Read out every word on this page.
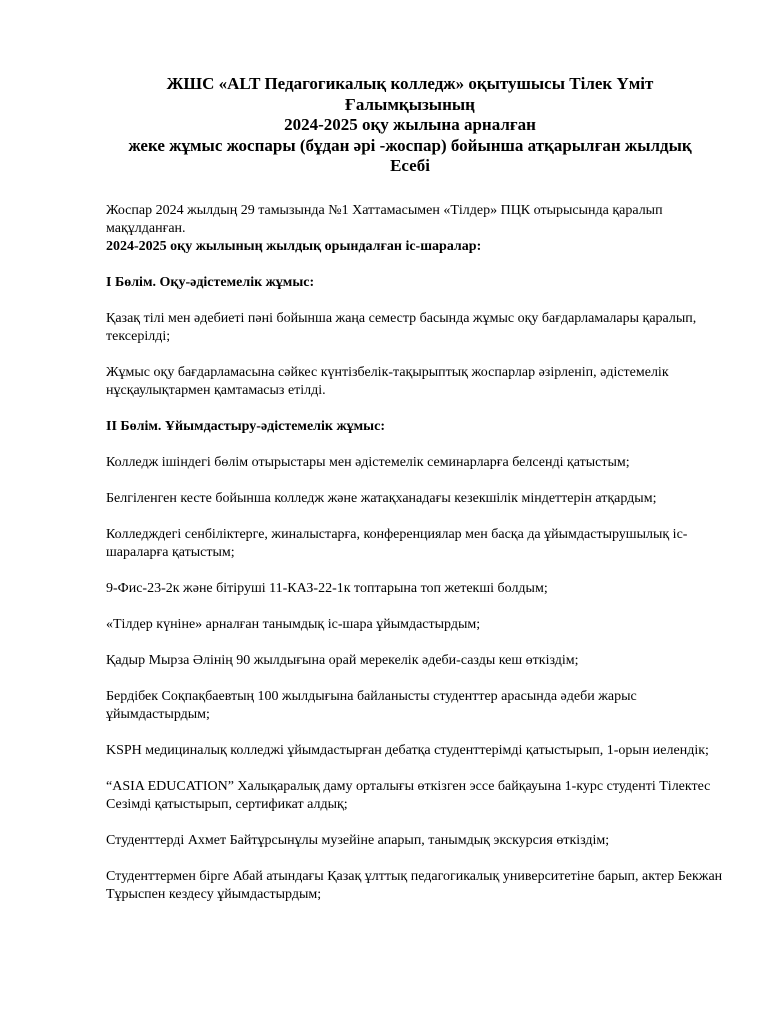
ЖШС «ALT Педагогикалық колледж» оқытушысы Тілек Үміт
Ғалымқызының
2024-2025 оқу жылына арналған
жеке жұмыс жоспары (бұдан әрі -жоспар) бойынша атқарылған жылдық
Есебі

Жоспар 2024 жылдың 29 тамызында №1 Хаттамасымен «Тілдер» ПЦК отырысында қаралып мақұлданған.

2024-2025 оқу жылының жылдық орындалған іс-шаралар:

I Бөлім. Оқу-әдістемелік жұмыс:

Қазақ тілі мен әдебиеті пәні бойынша жаңа семестр басында жұмыс оқу бағдарламалары қаралып, тексерілді;

Жұмыс оқу бағдарламасына сәйкес күнтізбелік-тақырыптық жоспарлар әзірленіп, әдістемелік нұсқаулықтармен қамтамасыз етілді.

II Бөлім. Ұйымдастыру-әдістемелік жұмыс:

Колледж ішіндегі бөлім отырыстары мен әдістемелік семинарларға белсенді қатыстым;

Белгіленген кесте бойынша колледж және жатақханадағы кезекшілік міндеттерін атқардым;

Колледждегі сенбіліктерге, жиналыстарға, конференциялар мен басқа да ұйымдастырушылық іс-шараларға қатыстым;

9-Фис-23-2к және бітіруші 11-КАЗ-22-1к топтарына топ жетекші болдым;

«Тілдер күніне» арналған танымдық іс-шара ұйымдастырдым;

Қадыр Мырза Әлінің 90 жылдығына орай мерекелік әдеби-сазды кеш өткіздім;

Бердібек Соқпақбаевтың 100 жылдығына байланысты студенттер арасында әдеби жарыс ұйымдастырдым;

KSPH медициналық колледжі ұйымдастырған дебатқа студенттерімді қатыстырып, 1-орын иелендік;

“ASIA EDUCATION” Халықаралық даму орталығы өткізген эссе байқауына 1-курс студенті Тілектес Сезімді қатыстырып, сертификат алдық;

Студенттерді Ахмет Байтұрсынұлы музейіне апарып, танымдық экскурсия өткіздім;

Студенттермен бірге Абай атындағы Қазақ ұлттық педагогикалық университетіне барып, актер Бекжан Тұрыспен кездесу ұйымдастырдым;
